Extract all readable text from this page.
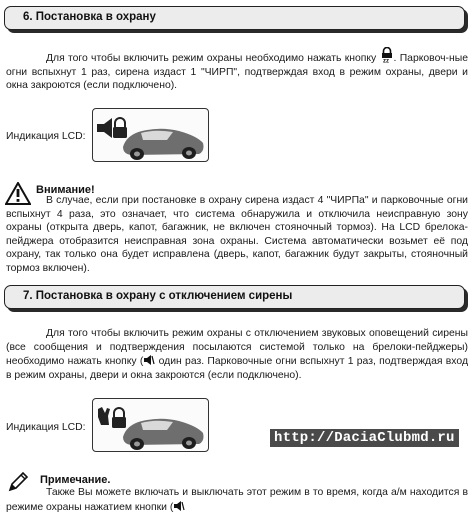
6. Постановка в охрану

Для того чтобы включить режим охраны необходимо нажать кнопку zz . Парковоч-ные огни вспыхнут 1 раз, сирена издаст 1 "ЧИРП", подтверждая вход в режим охраны, двери и окна закроются (если подключено).

Индикация LCD:
Внимание!

В случае, если при постановке в охрану сирена издаст 4 "ЧИРПа" и парковочные огни вспыхнут 4 раза, это означает, что система обнаружила и отключила неисправную зону охраны (открыта дверь, капот, багажник, не включен стояночный тормоз). На LCD брелока-пейджера отобразится неисправная зона охраны. Система автоматически возьмет её под охрану, так только она будет исправлена (дверь, капот, багажник будут закрыты, стояночный тормоз включен).

7. Постановка в охрану с отключением сирены

Для того чтобы включить режим охраны с отключением звуковых оповещений сирены (все сообщения и подтверждения посылаются системой только на брелоки-пейджеры) необходимо нажать кнопку ( один раз. Парковочные огни вспыхнут 1 раз, подтверждая вход в режим охраны, двери и окна закроются (если подключено).

Индикация LCD:
http://DaciaClubmd.ru
Примечание.

Также Вы можете включать и выключать этот режим в то время, когда а/м находится в режиме охраны нажатием кнопки (
